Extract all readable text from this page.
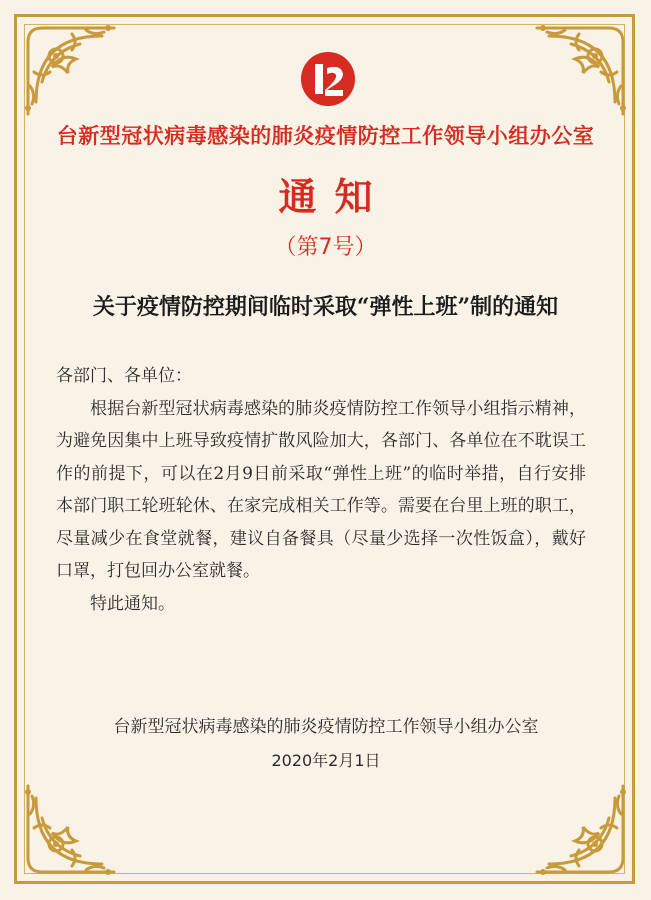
台新型冠状病毒感染的肺炎疫情防控工作领导小组办公室
通知
（第7号）
关于疫情防控期间临时采取“弹性上班”制的通知

各部门、各单位：

根据台新型冠状病毒感染的肺炎疫情防控工作领导小组指示精神，为避免因集中上班导致疫情扩散风险加大，各部门、各单位在不耽误工作的前提下，可以在2月9日前采取“弹性上班”的临时举措，自行安排本部门职工轮班轮休、在家完成相关工作等。需要在台里上班的职工，尽量减少在食堂就餐，建议自备餐具（尽量少选择一次性饭盒），戴好口罩，打包回办公室就餐。

特此通知。

台新型冠状病毒感染的肺炎疫情防控工作领导小组办公室
2020年2月1日
